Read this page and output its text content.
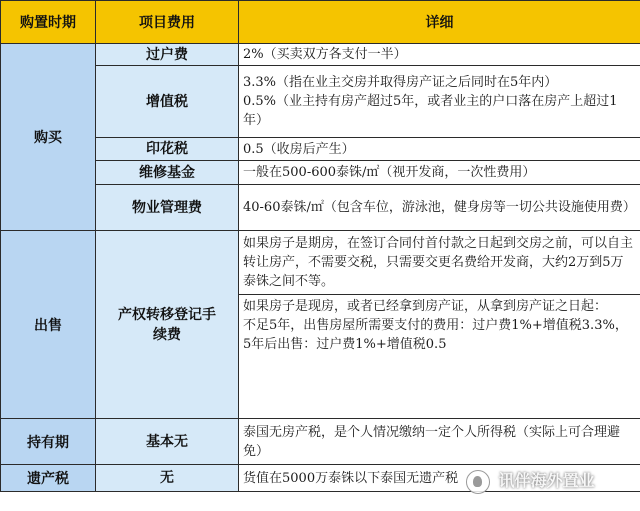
购置时期	项目费用	详细
购买	过户费	2%（买卖双方各支付一半）

	增值税	3.3%（指在业主交房并取得房产证之后同时在5年内）
0.5%（业主持有房产超过5年，或者业主的户口落在房产上超过1年）

	印花税	0.5（收房后产生）

	维修基金	一般在500-600泰铢/㎡（视开发商，一次性费用）

	物业管理费	40-60泰铢/㎡（包含车位，游泳池，健身房等一切公共设施使用费）

出售	产权转移登记手续费	如果房子是期房，在签订合同付首付款之日起到交房之前，可以自主转让房产，不需要交税，只需要交更名费给开发商，大约2万到5万泰铢之间不等。
如果房子是现房，或者已经拿到房产证，从拿到房产证之日起：
不足5年，出售房屋所需要支付的费用：过户费1%+增值税3.3%，
5年后出售：过户费1%+增值税0.5

持有期	基本无	泰国无房产税，是个人情况缴纳一定个人所得税（实际上可合理避免）
遗产税	无	货值在5000万泰铢以下泰国无遗产税	讯伴海外置业
